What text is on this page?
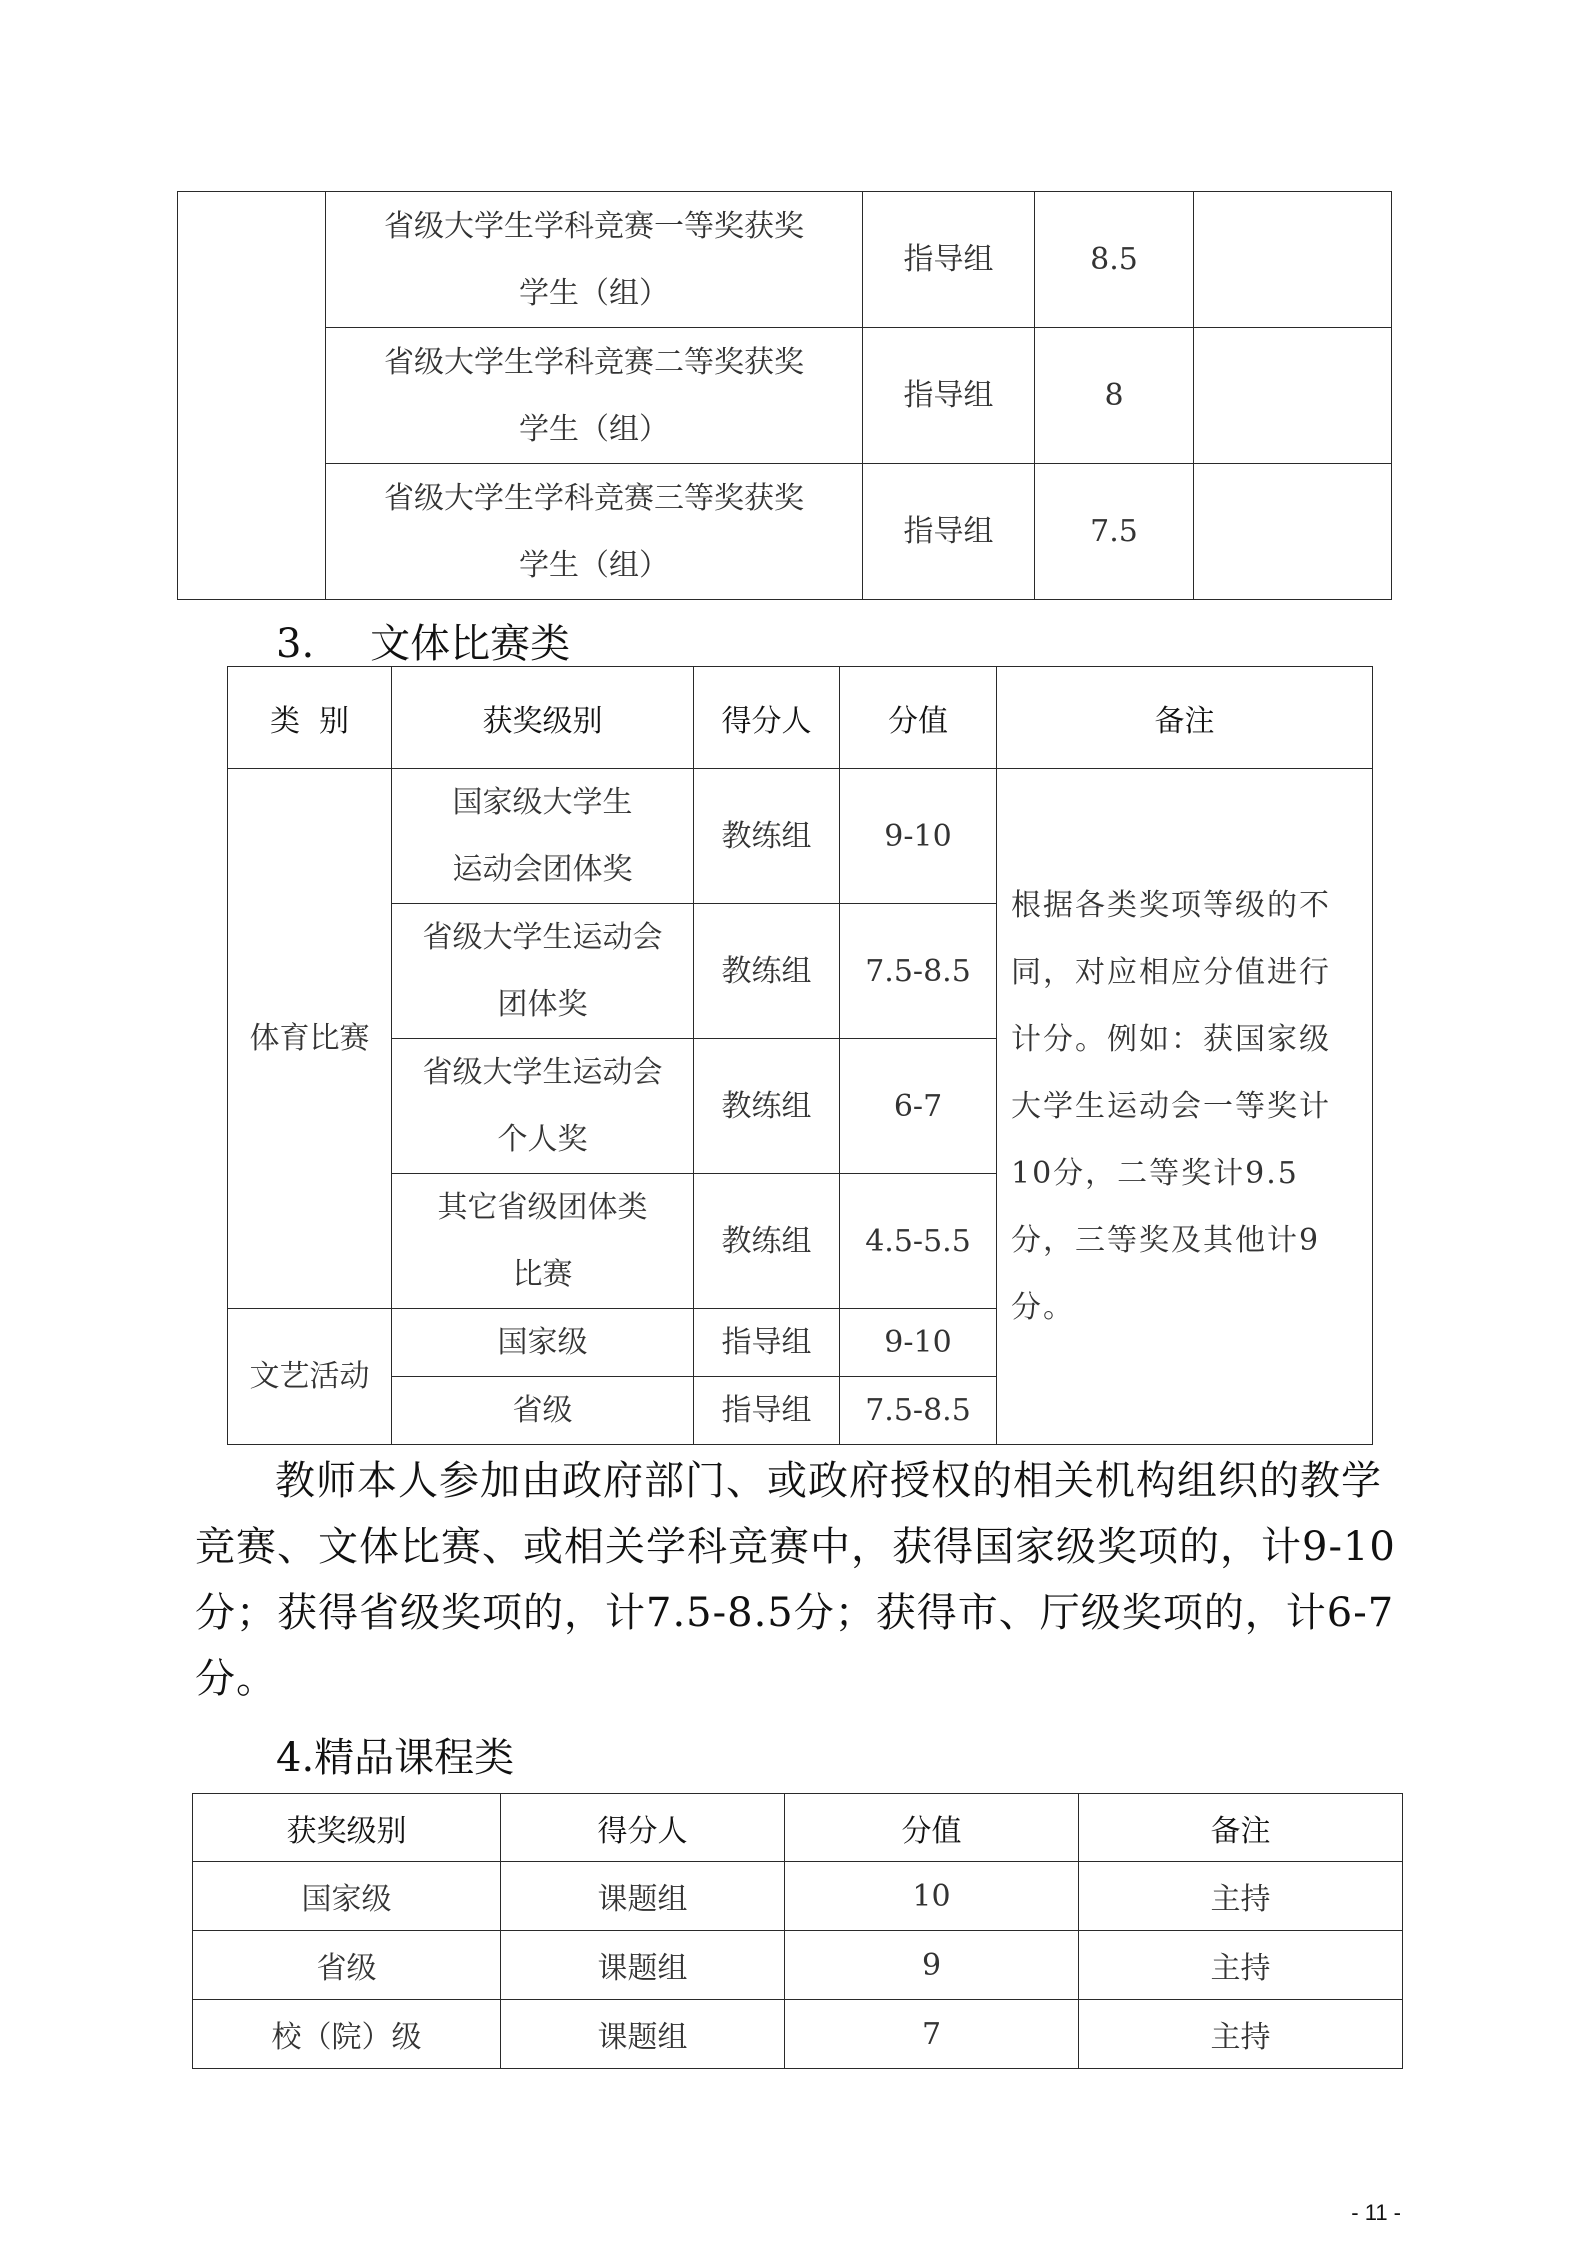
	省级大学生学科竞赛一等奖获奖
学生（组）	指导组	8.5	
	省级大学生学科竞赛二等奖获奖
学生（组）	指导组	8	
	省级大学生学科竞赛三等奖获奖
学生（组）	指导组	7.5	
3. 文体比赛类
类  别	获奖级别	得分人	分值	备注
体育比赛	国家级大学生
运动会团体奖	教练组	9-10	根据各类奖项等级的不同，对应相应分值进行计分。例如：获国家级大学生运动会一等奖计10分，二等奖计9.5分，三等奖及其他计9分。
	省级大学生运动会
团体奖	教练组	7.5-8.5	
	省级大学生运动会
个人奖	教练组	6-7	
	其它省级团体类
比赛	教练组	4.5-5.5	
文艺活动	国家级	指导组	9-10	
	省级	指导组	7.5-8.5	

教师本人参加由政府部门、或政府授权的相关机构组织的教学竞赛、文体比赛、或相关学科竞赛中，获得国家级奖项的，计9-10分；获得省级奖项的，计7.5-8.5分；获得市、厅级奖项的，计6-7分。

4.精品课程类
获奖级别	得分人	分值	备注
国家级	课题组	10	主持
省级	课题组	9	主持
校（院）级	课题组	7	主持
- 11 -
